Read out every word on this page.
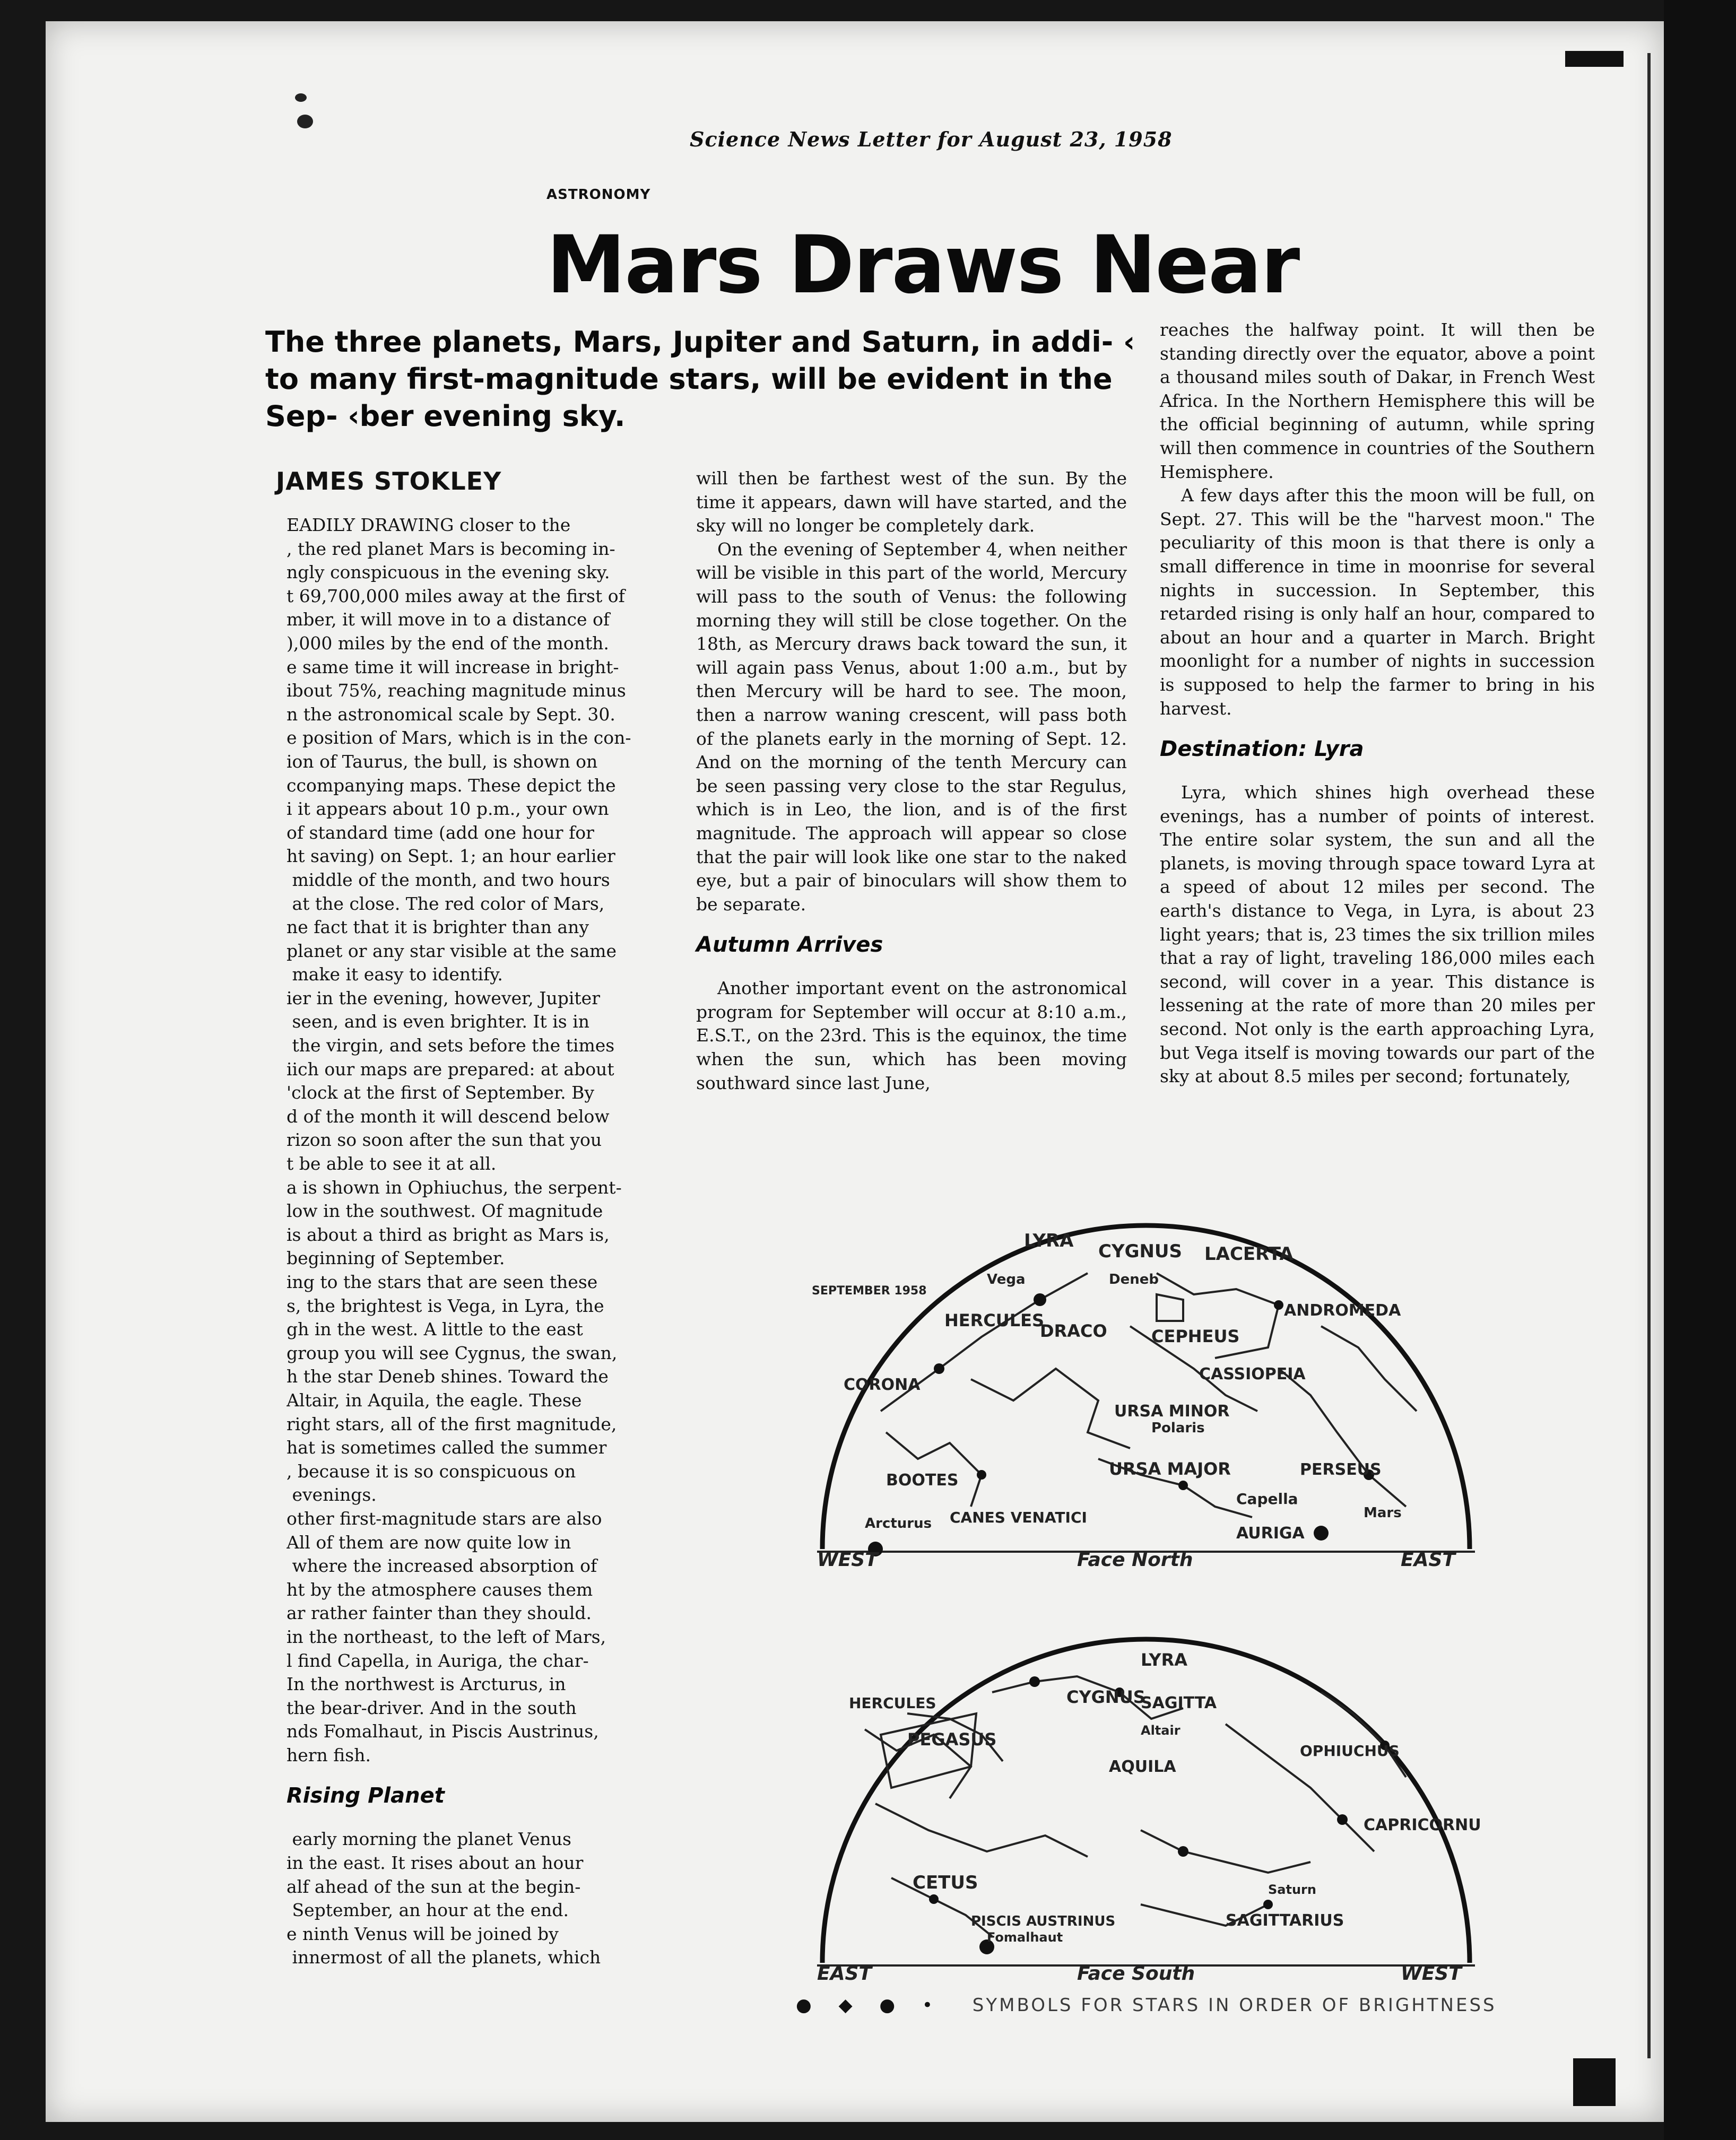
Science News Letter for August 23, 1958
ASTRONOMY
Mars Draws Near
The three planets, Mars, Jupiter and Saturn, in addi- ‹ to many first-magnitude stars, will be evident in the Sep- ‹ber evening sky.
JAMES STOKLEY
EADILY DRAWING closer to the
, the red planet Mars is becoming in-
ngly conspicuous in the evening sky.
t 69,700,000 miles away at the first of
mber, it will move in to a distance of
),000 miles by the end of the month.
e same time it will increase in bright-
ibout 75%, reaching magnitude minus
n the astronomical scale by Sept. 30.
e position of Mars, which is in the con-
ion of Taurus, the bull, is shown on
ccompanying maps. These depict the
i it appears about 10 p.m., your own
of standard time (add one hour for
ht saving) on Sept. 1; an hour earlier
middle of the month, and two hours
at the close. The red color of Mars,
ne fact that it is brighter than any
planet or any star visible at the same
make it easy to identify.
ier in the evening, however, Jupiter
seen, and is even brighter. It is in
the virgin, and sets before the times
iich our maps are prepared: at about
'clock at the first of September. By
d of the month it will descend below
rizon so soon after the sun that you
t be able to see it at all.
a is shown in Ophiuchus, the serpent-
low in the southwest. Of magnitude
is about a third as bright as Mars is,
beginning of September.
ing to the stars that are seen these
s, the brightest is Vega, in Lyra, the
gh in the west. A little to the east
group you will see Cygnus, the swan,
h the star Deneb shines. Toward the
Altair, in Aquila, the eagle. These
right stars, all of the first magnitude,
hat is sometimes called the summer
, because it is so conspicuous on
evenings.
other first-magnitude stars are also
All of them are now quite low in
where the increased absorption of
ht by the atmosphere causes them
ar rather fainter than they should.
in the northeast, to the left of Mars,
l find Capella, in Auriga, the char-
In the northwest is Arcturus, in
the bear-driver. And in the south
nds Fomalhaut, in Piscis Austrinus,
hern fish.
Rising Planet
early morning the planet Venus
in the east. It rises about an hour
alf ahead of the sun at the begin-
September, an hour at the end.
e ninth Venus will be joined by
innermost of all the planets, which

will then be farthest west of the sun. By the time it appears, dawn will have started, and the sky will no longer be completely dark.

On the evening of September 4, when neither will be visible in this part of the world, Mercury will pass to the south of Venus: the following morning they will still be close together. On the 18th, as Mercury draws back toward the sun, it will again pass Venus, about 1:00 a.m., but by then Mercury will be hard to see. The moon, then a narrow waning crescent, will pass both of the planets early in the morning of Sept. 12. And on the morning of the tenth Mercury can be seen passing very close to the star Regulus, which is in Leo, the lion, and is of the first magnitude. The approach will appear so close that the pair will look like one star to the naked eye, but a pair of binoculars will show them to be separate.

Autumn Arrives

Another important event on the astronomical program for September will occur at 8:10 a.m., E.S.T., on the 23rd. This is the equinox, the time when the sun, which has been moving southward since last June,

reaches the halfway point. It will then be standing directly over the equator, above a point a thousand miles south of Dakar, in French West Africa. In the Northern Hemisphere this will be the official beginning of autumn, while spring will then commence in countries of the Southern Hemisphere.

A few days after this the moon will be full, on Sept. 27. This will be the "harvest moon." The peculiarity of this moon is that there is only a small difference in time in moonrise for several nights in succession. In September, this retarded rising is only half an hour, compared to about an hour and a quarter in March. Bright moonlight for a number of nights in succession is supposed to help the farmer to bring in his harvest.

Destination: Lyra

Lyra, which shines high overhead these evenings, has a number of points of interest. The entire solar system, the sun and all the planets, is moving through space toward Lyra at a speed of about 12 miles per second. The earth's distance to Vega, in Lyra, is about 23 light years; that is, 23 times the six trillion miles that a ray of light, traveling 186,000 miles each second, will cover in a year. This distance is lessening at the rate of more than 20 miles per second. Not only is the earth approaching Lyra, but Vega itself is moving towards our part of the sky at about 8.5 miles per second; fortunately,

SEPTEMBER 1958
LYRA CYGNUS LACERTA
HERCULES
DRACO	CEPHEUS
ANDROMEDA
CORONA
URSA MINOR
CASSIOPEIA
PERSEUS
BOOTES
URSA MAJOR
CANES VENATICI
AURIGA
Arcturus
Capella
Mars
Vega	Deneb
Polaris
WEST	Face North	EAST
LYRA
CYGNUS
SAGITTA
HERCULES
PEGASUS
AQUILA
CAPRICORNUS
SAGITTARIUS
CETUS
PISCIS AUSTRINUS
OPHIUCHUS
Fomalhaut
Altair
Saturn
EAST	Face South	WEST
● ◆ ● • SYMBOLS FOR STARS IN ORDER OF BRIGHTNESS
